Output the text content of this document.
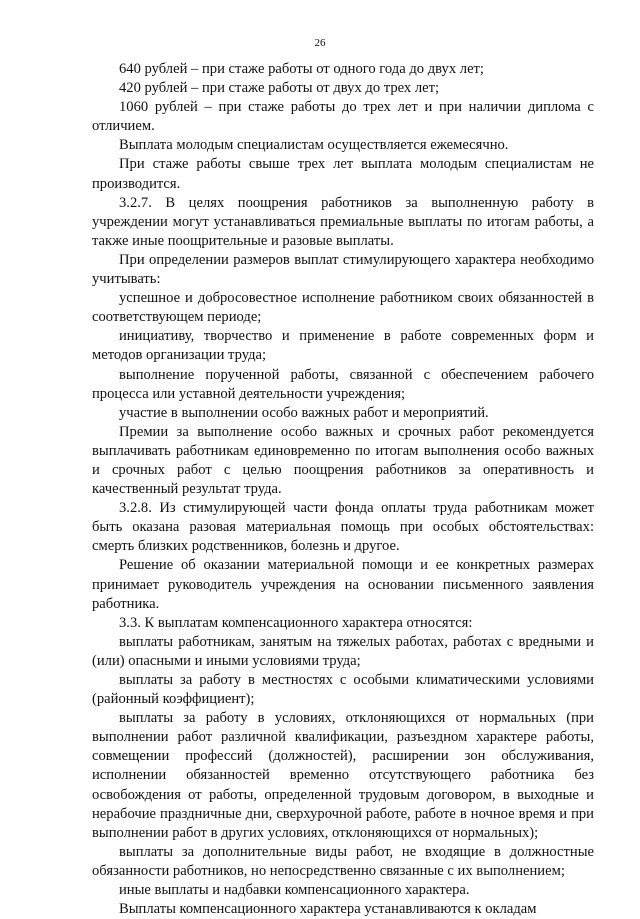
26

640 рублей – при стаже работы от одного года до двух лет;

420 рублей – при стаже работы от двух до трех лет;

1060 рублей – при стаже работы до трех лет и при наличии диплома с отличием.

Выплата молодым специалистам осуществляется ежемесячно.

При стаже работы свыше трех лет выплата молодым специалистам не производится.

3.2.7. В целях поощрения работников за выполненную работу в учреждении могут устанавливаться премиальные выплаты по итогам работы, а также иные поощрительные и разовые выплаты.

При определении размеров выплат стимулирующего характера необходимо учитывать:

успешное и добросовестное исполнение работником своих обязанностей в соответствующем периоде;

инициативу, творчество и применение в работе современных форм и методов организации труда;

выполнение порученной работы, связанной с обеспечением рабочего процесса или уставной деятельности учреждения;

участие в выполнении особо важных работ и мероприятий.

Премии за выполнение особо важных и срочных работ рекомендуется выплачивать работникам единовременно по итогам выполнения особо важных и срочных работ с целью поощрения работников за оперативность и качественный результат труда.

3.2.8. Из стимулирующей части фонда оплаты труда работникам может быть оказана разовая материальная помощь при особых обстоятельствах: смерть близких родственников, болезнь и другое.

Решение об оказании материальной помощи и ее конкретных размерах принимает руководитель учреждения на основании письменного заявления работника.

3.3. К выплатам компенсационного характера относятся:

выплаты работникам, занятым на тяжелых работах, работах с вредными и (или) опасными и иными условиями труда;

выплаты за работу в местностях с особыми климатическими условиями (районный коэффициент);

выплаты за работу в условиях, отклоняющихся от нормальных (при выполнении работ различной квалификации, разъездном характере работы, совмещении профессий (должностей), расширении зон обслуживания, исполнении обязанностей временно отсутствующего работника без освобождения от работы, определенной трудовым договором, в выходные и нерабочие праздничные дни, сверхурочной работе, работе в ночное время и при выполнении работ в других условиях, отклоняющихся от нормальных);

выплаты за дополнительные виды работ, не входящие в должностные обязанности работников, но непосредственно связанные с их выполнением;

иные выплаты и надбавки компенсационного характера.

Выплаты компенсационного характера устанавливаются к окладам
